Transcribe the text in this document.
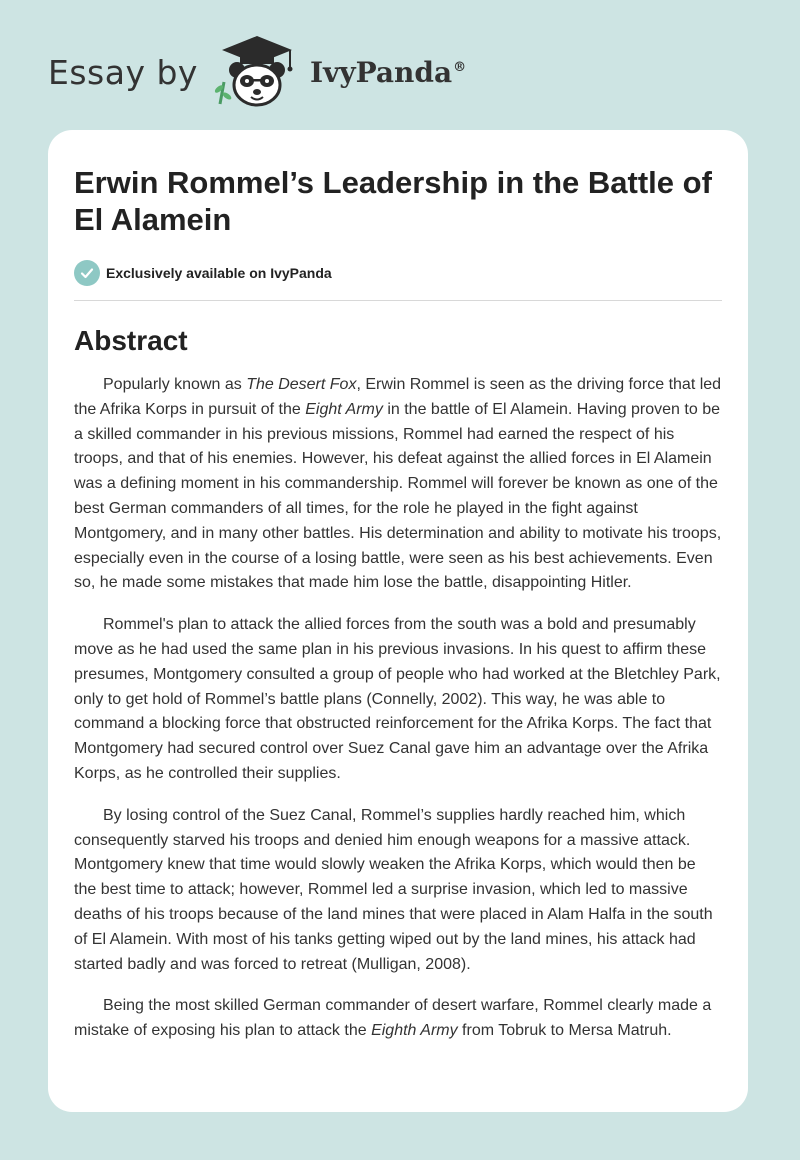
Essay by	IvyPanda®
Erwin Rommel’s Leadership in the Battle of El Alamein
Exclusively available on IvyPanda
Abstract

Popularly known as The Desert Fox, Erwin Rommel is seen as the driving force that led the Afrika Korps in pursuit of the Eight Army in the battle of El Alamein. Having proven to be a skilled commander in his previous missions, Rommel had earned the respect of his troops, and that of his enemies. However, his defeat against the allied forces in El Alamein was a defining moment in his commandership. Rommel will forever be known as one of the best German commanders of all times, for the role he played in the fight against Montgomery, and in many other battles. His determination and ability to motivate his troops, especially even in the course of a losing battle, were seen as his best achievements. Even so, he made some mistakes that made him lose the battle, disappointing Hitler.

Rommel's plan to attack the allied forces from the south was a bold and presumably move as he had used the same plan in his previous invasions. In his quest to affirm these presumes, Montgomery consulted a group of people who had worked at the Bletchley Park, only to get hold of Rommel’s battle plans (Connelly, 2002). This way, he was able to command a blocking force that obstructed reinforcement for the Afrika Korps. The fact that Montgomery had secured control over Suez Canal gave him an advantage over the Afrika Korps, as he controlled their supplies.

By losing control of the Suez Canal, Rommel’s supplies hardly reached him, which consequently starved his troops and denied him enough weapons for a massive attack. Montgomery knew that time would slowly weaken the Afrika Korps, which would then be the best time to attack; however, Rommel led a surprise invasion, which led to massive deaths of his troops because of the land mines that were placed in Alam Halfa in the south of El Alamein. With most of his tanks getting wiped out by the land mines, his attack had started badly and was forced to retreat (Mulligan, 2008).

Being the most skilled German commander of desert warfare, Rommel clearly made a mistake of exposing his plan to attack the Eighth Army from Tobruk to Mersa Matruh.
